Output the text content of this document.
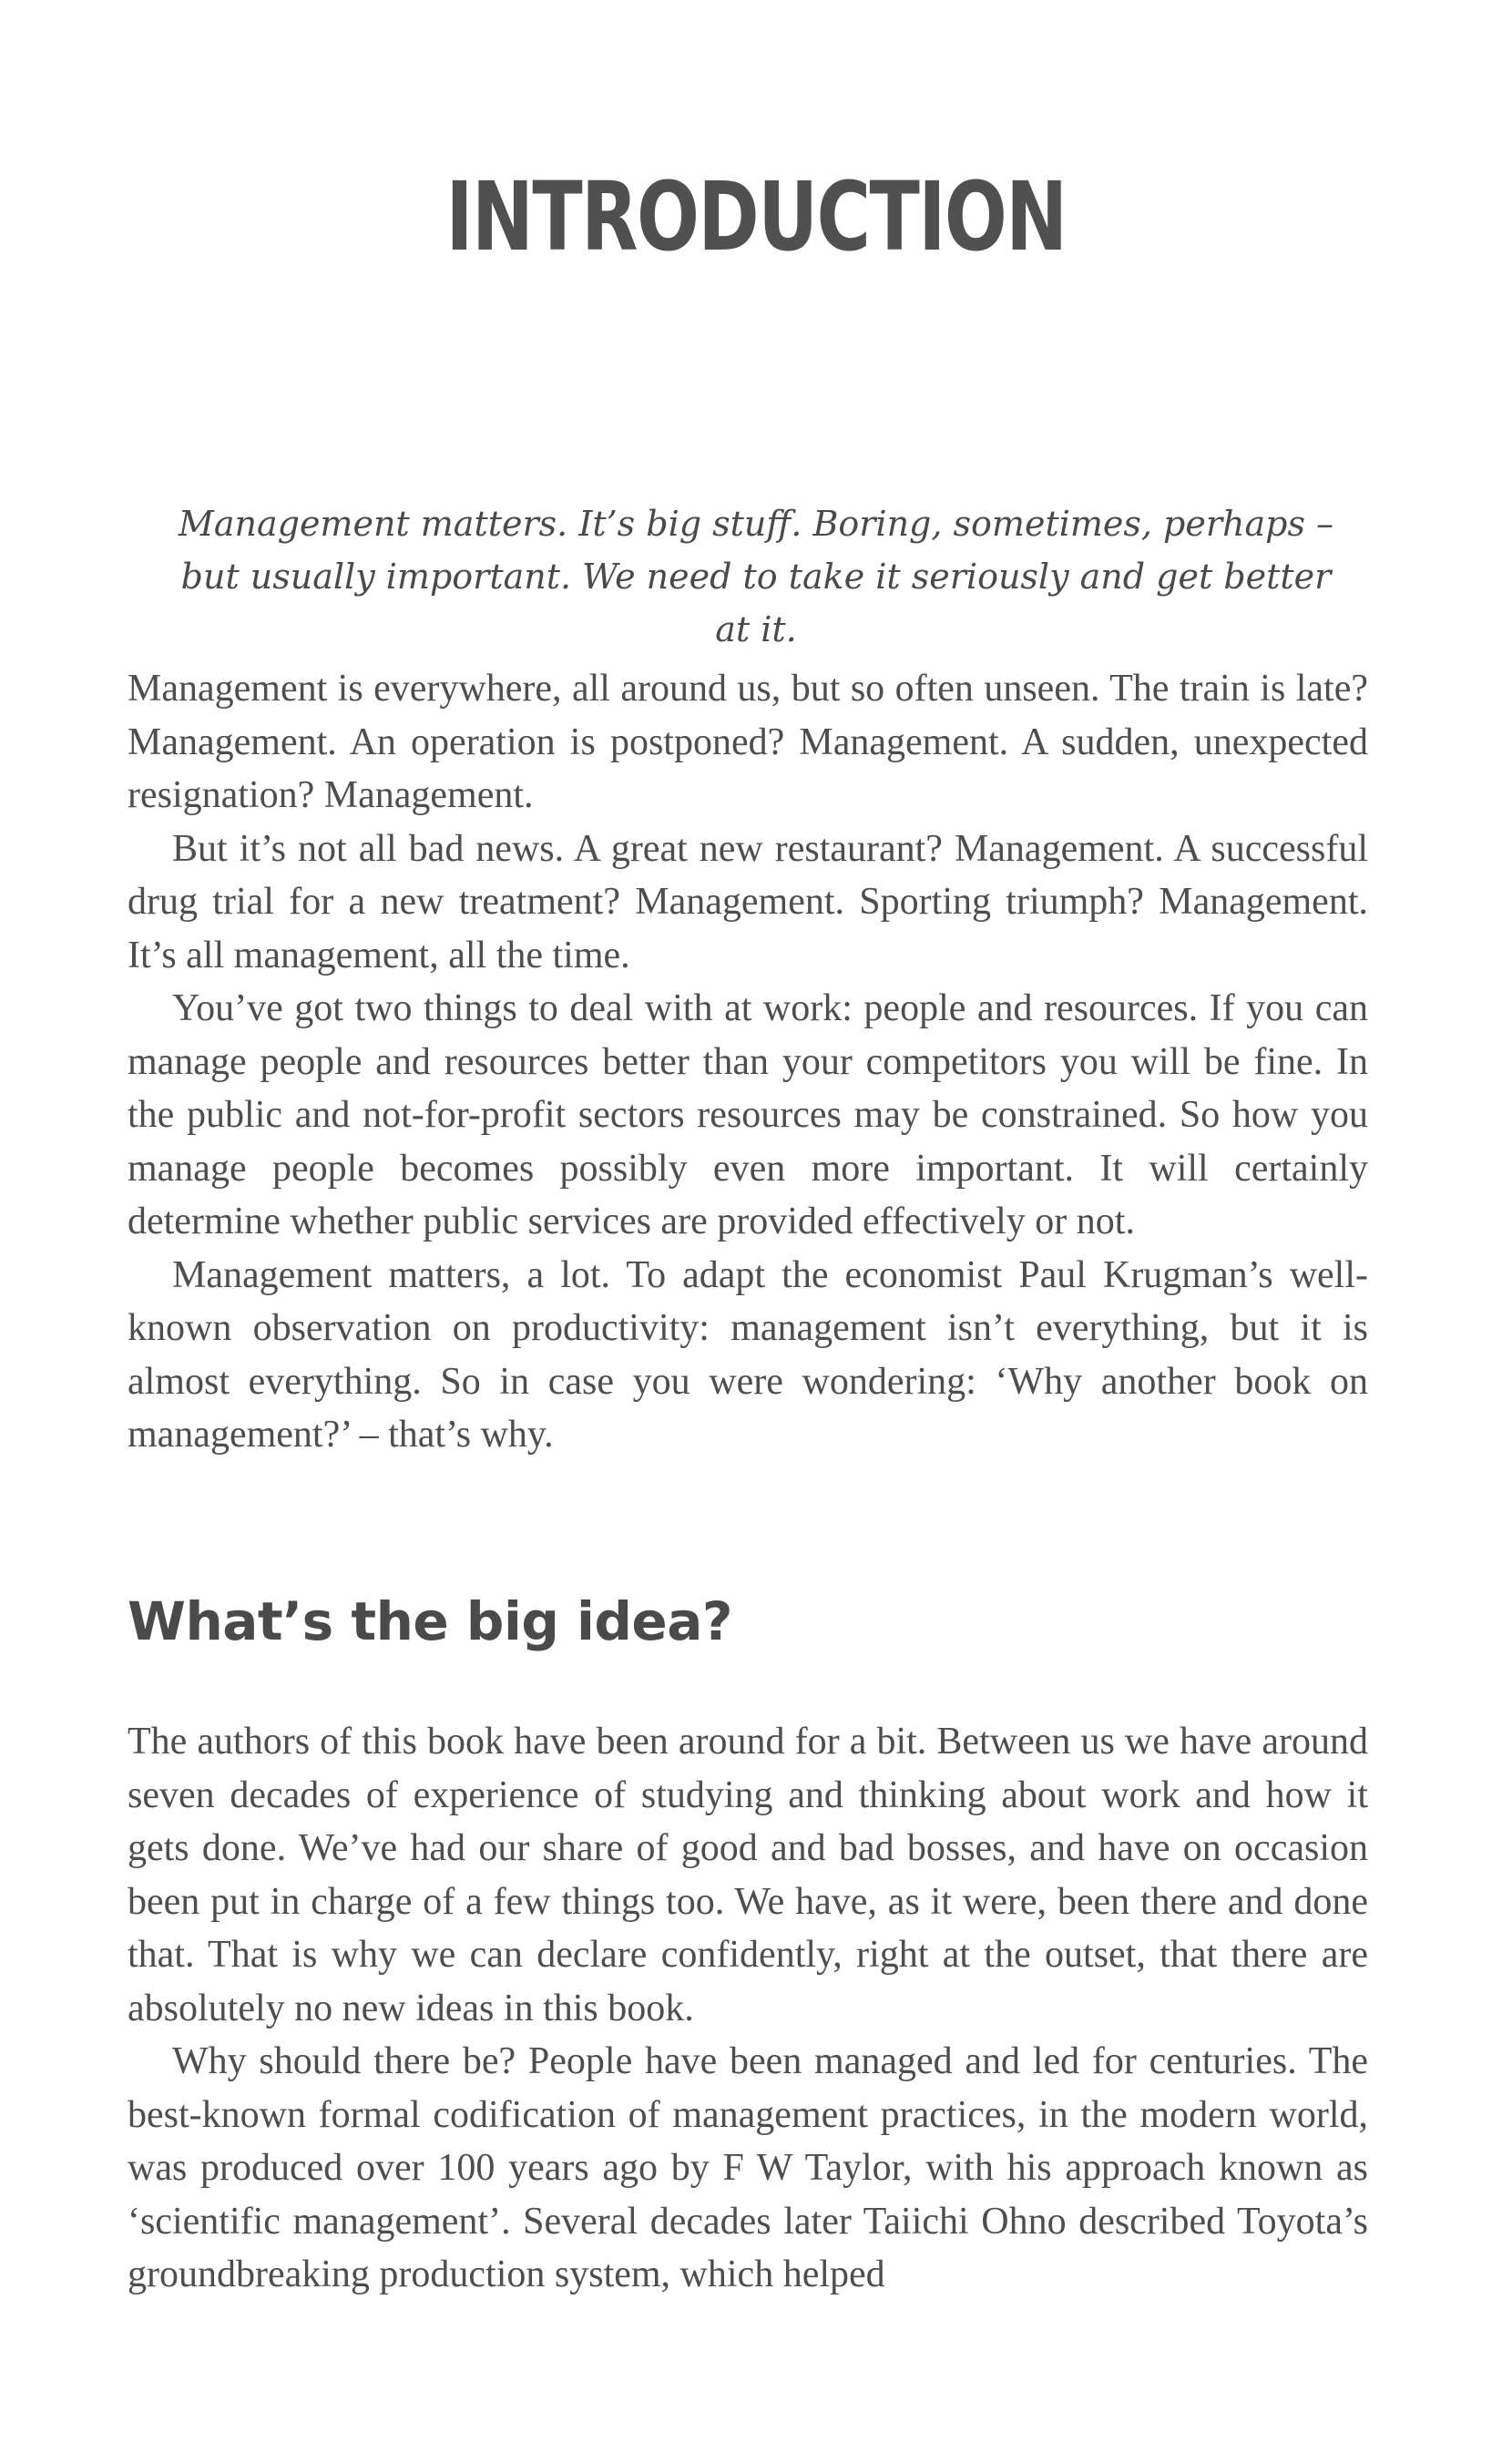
INTRODUCTION

Management matters. It’s big stuff. Boring, sometimes, perhaps – but usually important. We need to take it seriously and get better at it.

Management is everywhere, all around us, but so often unseen. The train is late? Management. An operation is postponed? Management. A sudden, unexpected resignation? Management.

But it’s not all bad news. A great new restaurant? Management. A successful drug trial for a new treatment? Management. Sporting triumph? Management. It’s all management, all the time.

You’ve got two things to deal with at work: people and resources. If you can manage people and resources better than your competitors you will be fine. In the public and not-for-profit sectors resources may be constrained. So how you manage people becomes possibly even more important. It will certainly determine whether public services are provided effectively or not.

Management matters, a lot. To adapt the economist Paul Krugman’s well-known observation on productivity: management isn’t everything, but it is almost everything. So in case you were wondering: ‘Why another book on management?’ – that’s why.

What’s the big idea?

The authors of this book have been around for a bit. Between us we have around seven decades of experience of studying and thinking about work and how it gets done. We’ve had our share of good and bad bosses, and have on occasion been put in charge of a few things too. We have, as it were, been there and done that. That is why we can declare confidently, right at the outset, that there are absolutely no new ideas in this book.

Why should there be? People have been managed and led for centuries. The best-known formal codification of management practices, in the modern world, was produced over 100 years ago by F W Taylor, with his approach known as ‘scientific management’. Several decades later Taiichi Ohno described Toyota’s groundbreaking production system, which helped
